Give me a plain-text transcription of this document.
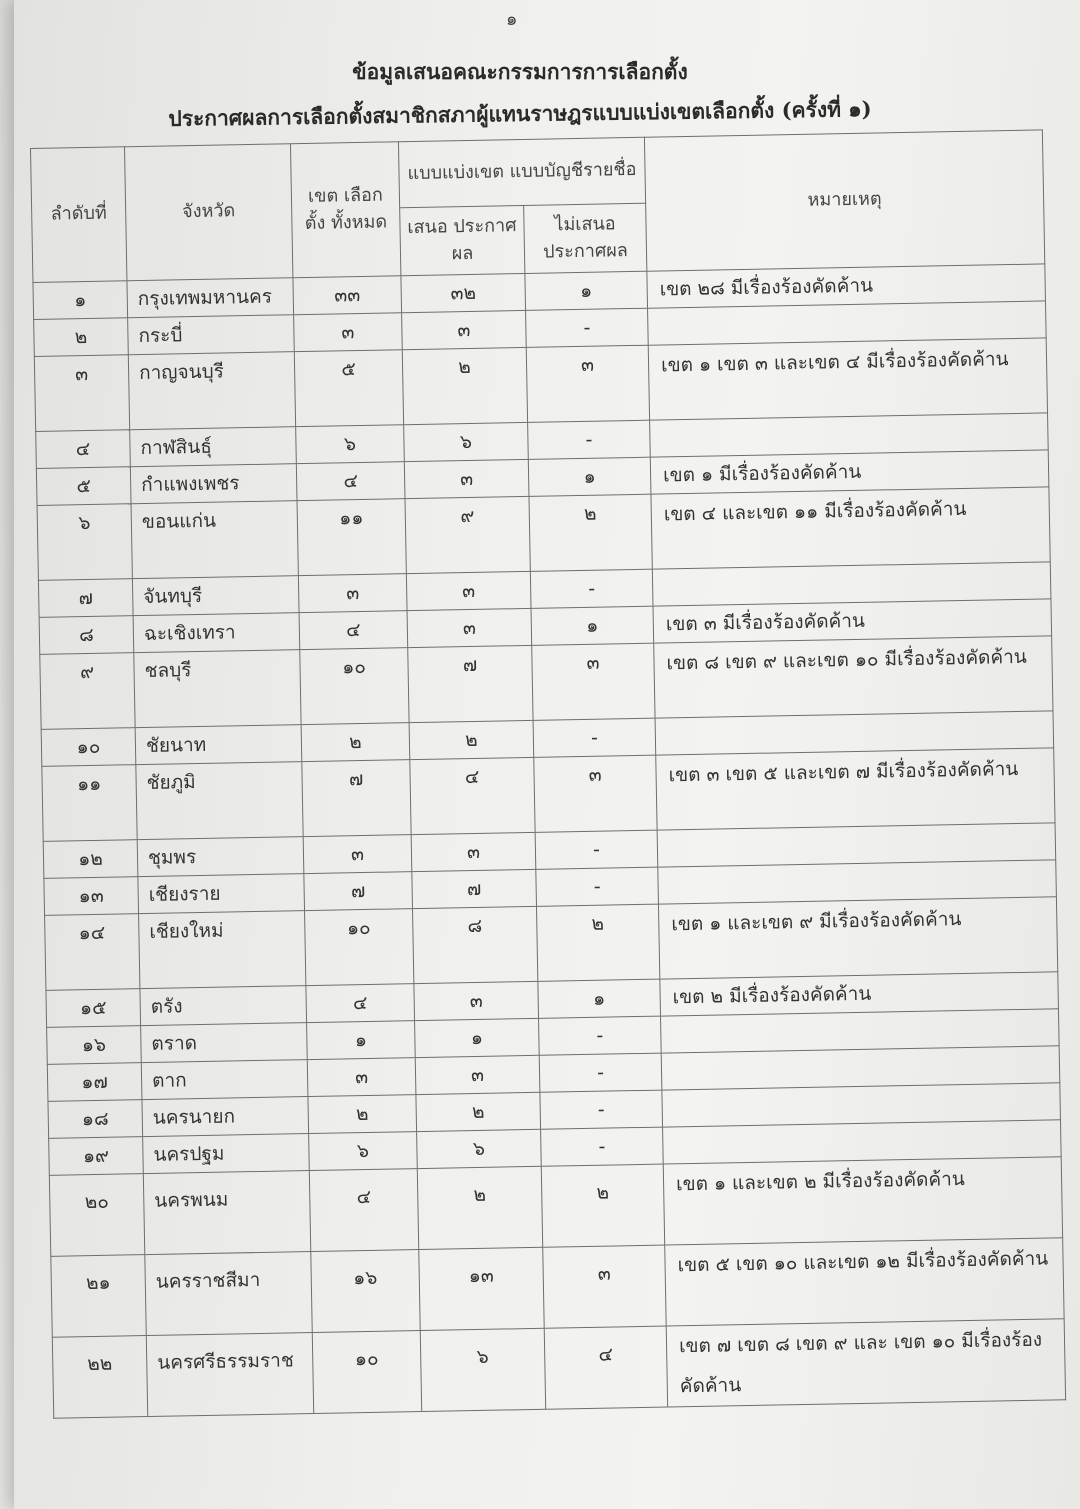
๑
ข้อมูลเสนอคณะกรรมการการเลือกตั้ง
ประกาศผลการเลือกตั้งสมาชิกสภาผู้แทนราษฎรแบบแบ่งเขตเลือกตั้ง (ครั้งที่ ๑)
ลำดับที่	จังหวัด	เขต เลือกตั้ง ทั้งหมด	แบบแบ่งเขต แบบบัญชีรายชื่อ		หมายเหตุ
			เสนอ ประกาศผล	ไม่เสนอ ประกาศผล	
๑	กรุงเทพมหานคร	๓๓	๓๒	๑	เขต ๒๘ มีเรื่องร้องคัดค้าน
๒	กระบี่	๓	๓	-	
๓	กาญจนบุรี	๕	๒	๓	เขต ๑ เขต ๓ และเขต ๔ มีเรื่องร้องคัดค้าน
๔	กาฬสินธุ์	๖	๖	-	
๕	กำแพงเพชร	๔	๓	๑	เขต ๑ มีเรื่องร้องคัดค้าน
๖	ขอนแก่น	๑๑	๙	๒	เขต ๔ และเขต ๑๑ มีเรื่องร้องคัดค้าน
๗	จันทบุรี	๓	๓	-	
๘	ฉะเชิงเทรา	๔	๓	๑	เขต ๓ มีเรื่องร้องคัดค้าน
๙	ชลบุรี	๑๐	๗	๓	เขต ๘ เขต ๙ และเขต ๑๐ มีเรื่องร้องคัดค้าน
๑๐	ชัยนาท	๒	๒	-	
๑๑	ชัยภูมิ	๗	๔	๓	เขต ๓ เขต ๕ และเขต ๗ มีเรื่องร้องคัดค้าน
๑๒	ชุมพร	๓	๓	-	
๑๓	เชียงราย	๗	๗	-	
๑๔	เชียงใหม่	๑๐	๘	๒	เขต ๑ และเขต ๙ มีเรื่องร้องคัดค้าน
๑๕	ตรัง	๔	๓	๑	เขต ๒ มีเรื่องร้องคัดค้าน
๑๖	ตราด	๑	๑	-	
๑๗	ตาก	๓	๓	-	
๑๘	นครนายก	๒	๒	-	
๑๙	นครปฐม	๖	๖	-	
๒๐	นครพนม	๔	๒	๒	เขต ๑ และเขต ๒ มีเรื่องร้องคัดค้าน
๒๑	นครราชสีมา	๑๖	๑๓	๓	เขต ๕ เขต ๑๐ และเขต ๑๒ มีเรื่องร้องคัดค้าน
๒๒	นครศรีธรรมราช	๑๐	๖	๔	เขต ๗ เขต ๘ เขต ๙ และ เขต ๑๐ มีเรื่องร้องคัดค้าน
